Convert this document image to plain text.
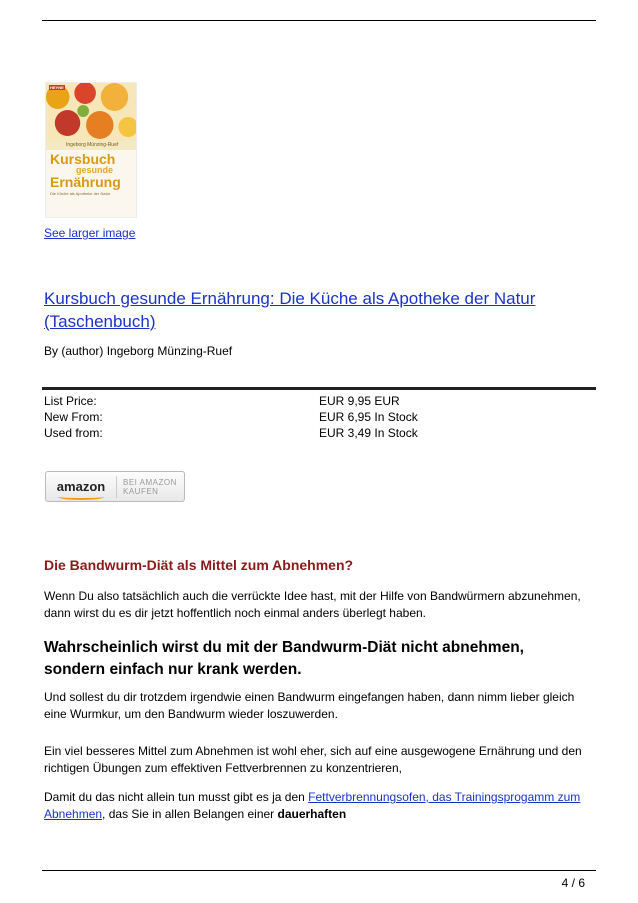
HEYNE
Ingeborg Münzing-Ruef
Kursbuch
gesunde
Ernährung
Die Küche als Apotheke der Natur
See larger image
Kursbuch gesunde Ernährung: Die Küche als Apotheke der Natur (Taschenbuch)
By (author) Ingeborg Münzing-Ruef
List Price:	EUR 9,95 EUR
New From:	EUR 6,95 In Stock
Used from:	EUR 3,49 In Stock
amazon	BEI AMAZON
KAUFEN
Die Bandwurm-Diät als Mittel zum Abnehmen?

Wenn Du also tatsächlich auch die verrückte Idee hast, mit der Hilfe von Bandwürmern abzunehmen, dann wirst du es dir jetzt hoffentlich noch einmal anders überlegt haben.

Wahrscheinlich wirst du mit der Bandwurm-Diät nicht abnehmen, sondern einfach nur krank werden.

Und sollest du dir trotzdem irgendwie einen Bandwurm eingefangen haben, dann nimm lieber gleich eine Wurmkur, um den Bandwurm wieder loszuwerden.

Ein viel besseres Mittel zum Abnehmen ist wohl eher, sich auf eine ausgewogene Ernährung und den richtigen Übungen zum effektiven Fettverbrennen zu konzentrieren,

Damit du das nicht allein tun musst gibt es ja den Fettverbrennungsofen, das Trainingsprogamm zum Abnehmen, das Sie in allen Belangen einer dauerhaften

4 / 6
